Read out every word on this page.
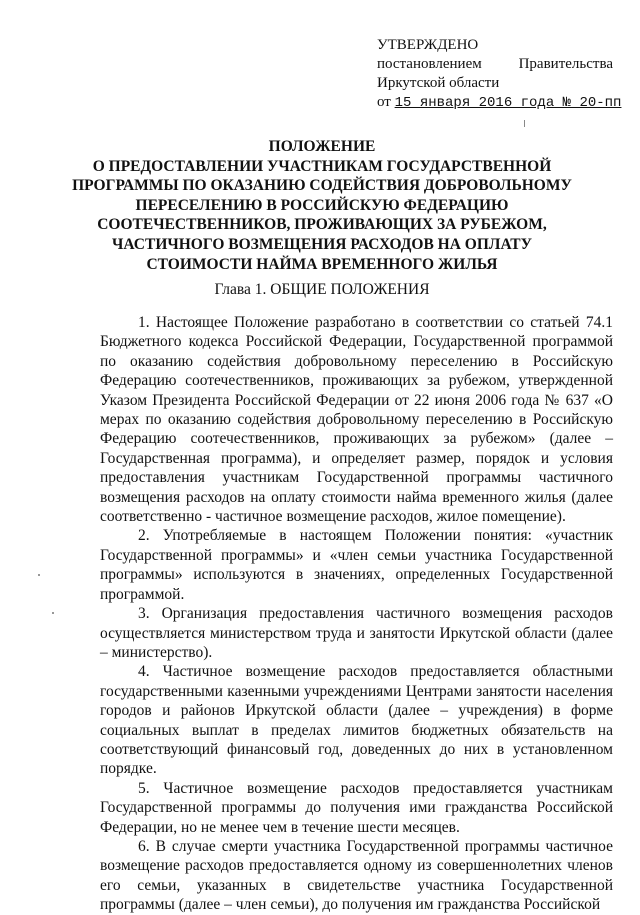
УТВЕРЖДЕНО
постановлением Правительства
Иркутской области
от 15 января 2016 года № 20-пп
ПОЛОЖЕНИЕ
О ПРЕДОСТАВЛЕНИИ УЧАСТНИКАМ ГОСУДАРСТВЕННОЙ
ПРОГРАММЫ ПО ОКАЗАНИЮ СОДЕЙСТВИЯ ДОБРОВОЛЬНОМУ
ПЕРЕСЕЛЕНИЮ В РОССИЙСКУЮ ФЕДЕРАЦИЮ
СООТЕЧЕСТВЕННИКОВ, ПРОЖИВАЮЩИХ ЗА РУБЕЖОМ,
ЧАСТИЧНОГО ВОЗМЕЩЕНИЯ РАСХОДОВ НА ОПЛАТУ
СТОИМОСТИ НАЙМА ВРЕМЕННОГО ЖИЛЬЯ
Глава 1. ОБЩИЕ ПОЛОЖЕНИЯ

1. Настоящее Положение разработано в соответствии со статьей 74.1 Бюджетного кодекса Российской Федерации, Государственной программой по оказанию содействия добровольному переселению в Российскую Федерацию соотечественников, проживающих за рубежом, утвержденной Указом Президента Российской Федерации от 22 июня 2006 года № 637 «О мерах по оказанию содействия добровольному переселению в Российскую Федерацию соотечественников, проживающих за рубежом» (далее – Государственная программа), и определяет размер, порядок и условия предоставления участникам Государственной программы частичного возмещения расходов на оплату стоимости найма временного жилья (далее соответственно - частичное возмещение расходов, жилое помещение).

2. Употребляемые в настоящем Положении понятия: «участник Государственной программы» и «член семьи участника Государственной программы» используются в значениях, определенных Государственной программой.

3. Организация предоставления частичного возмещения расходов осуществляется министерством труда и занятости Иркутской области (далее – министерство).

4. Частичное возмещение расходов предоставляется областными государственными казенными учреждениями Центрами занятости населения городов и районов Иркутской области (далее – учреждения) в форме социальных выплат в пределах лимитов бюджетных обязательств на соответствующий финансовый год, доведенных до них в установленном порядке.

5. Частичное возмещение расходов предоставляется участникам Государственной программы до получения ими гражданства Российской Федерации, но не менее чем в течение шести месяцев.

6. В случае смерти участника Государственной программы частичное возмещение расходов предоставляется одному из совершеннолетних членов его семьи, указанных в свидетельстве участника Государственной программы (далее – член семьи), до получения им гражданства Российской
